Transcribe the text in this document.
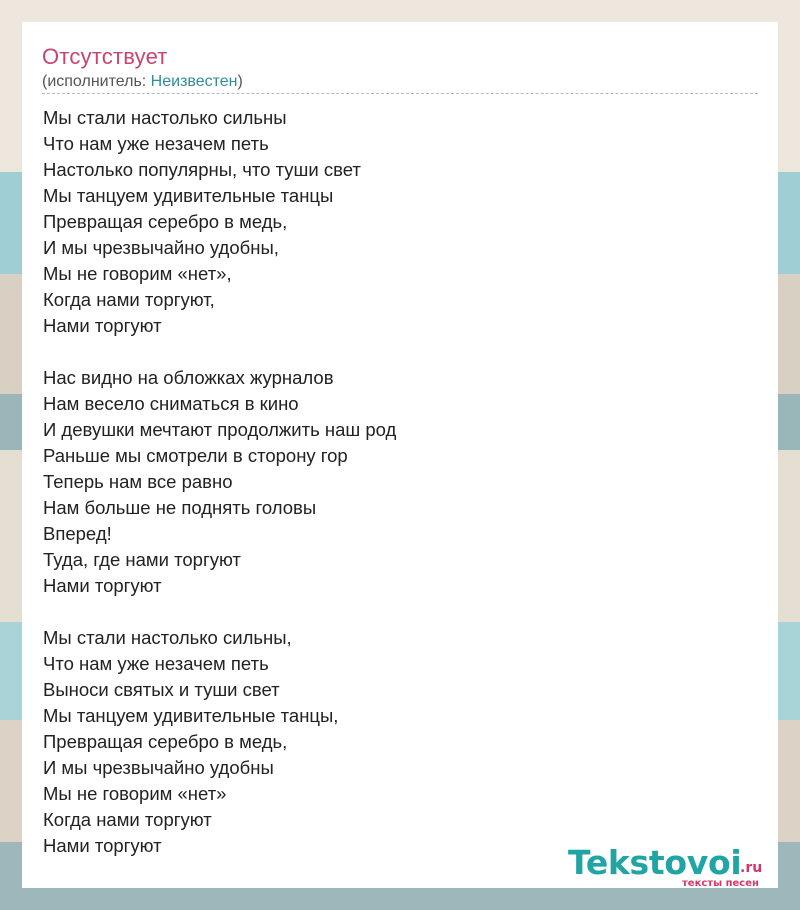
Отсутствует
(исполнитель: Неизвестен)
Мы стали настолько сильны
Что нам уже незачем петь
Настолько популярны, что туши свет
Мы танцуем удивительные танцы
Превращая серебро в медь,
И мы чрезвычайно удобны,
Мы не говорим «нет»,
Когда нами торгуют,
Нами торгуют
Нас видно на обложках журналов
Нам весело сниматься в кино
И девушки мечтают продолжить наш род
Раньше мы смотрели в сторону гор
Теперь нам все равно
Нам больше не поднять головы
Вперед!
Туда, где нами торгуют
Нами торгуют
Мы стали настолько сильны,
Что нам уже незачем петь
Выноси святых и туши свет
Мы танцуем удивительные танцы,
Превращая серебро в медь,
И мы чрезвычайно удобны
Мы не говорим «нет»
Когда нами торгуют
Нами торгуют	Tekstovoi
.ru
тексты песен
